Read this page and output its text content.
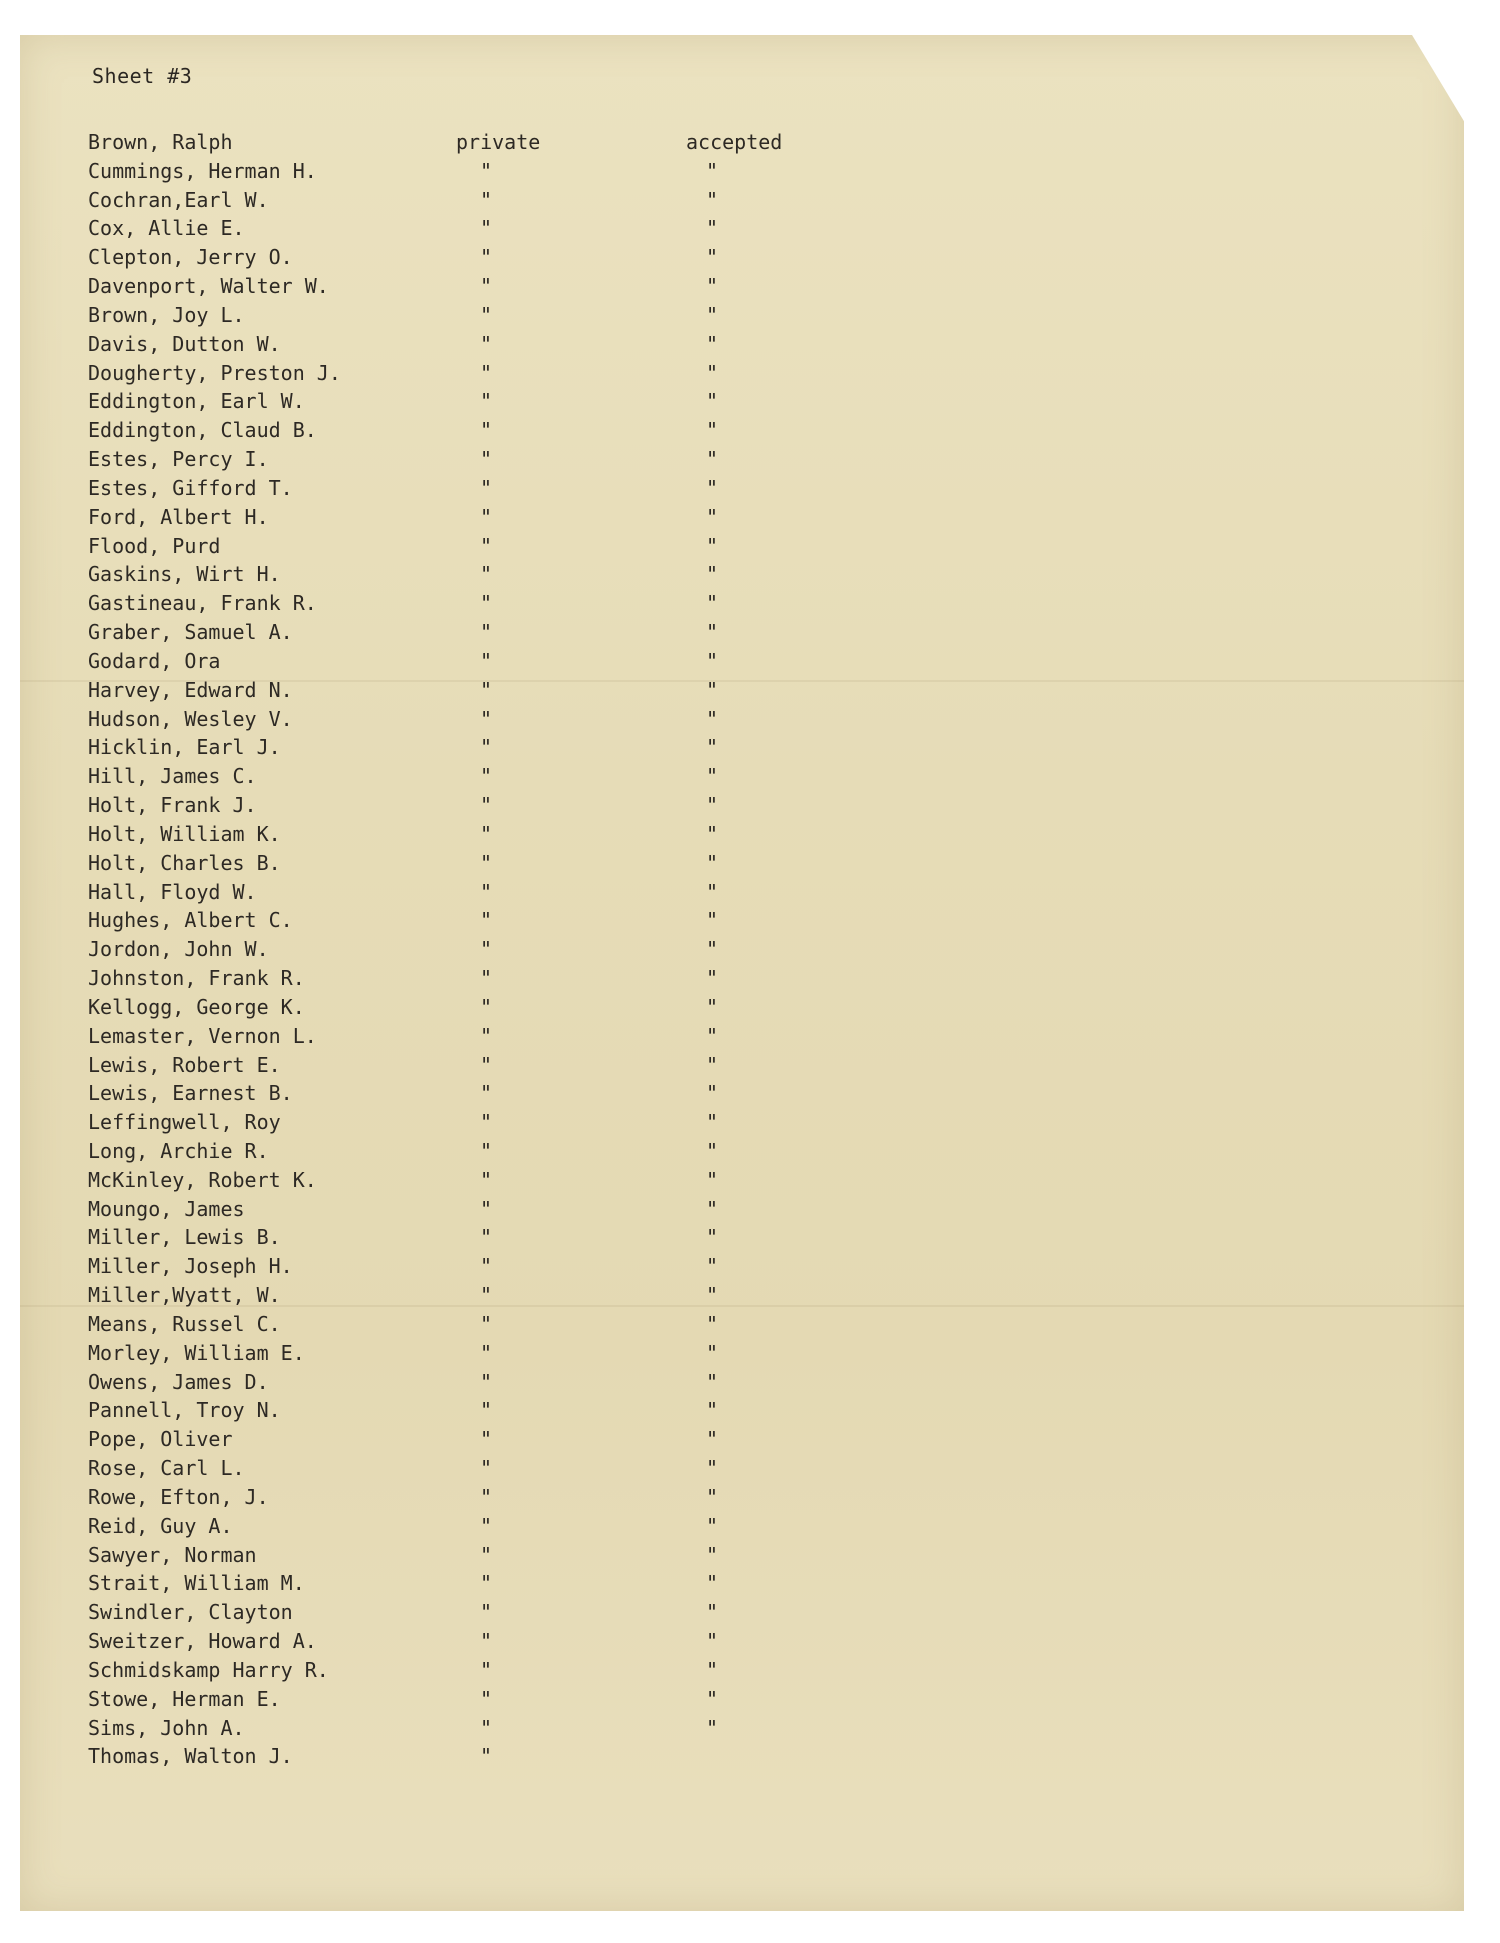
Sheet #3
Brown, Ralph	private	accepted
Cummings, Herman H.	"	"
Cochran,Earl W.	"	"
Cox, Allie E.	"	"
Clepton, Jerry O.	"	"
Davenport, Walter W.	"	"
Brown, Joy L.	"	"
Davis, Dutton W.	"	"
Dougherty, Preston J.	"	"
Eddington, Earl W.	"	"
Eddington, Claud B.	"	"
Estes, Percy I.	"	"
Estes, Gifford T.	"	"
Ford, Albert H.	"	"
Flood, Purd	"	"
Gaskins, Wirt H.	"	"
Gastineau, Frank R.	"	"
Graber, Samuel A.	"	"
Godard, Ora	"	"
Harvey, Edward N.	"	"
Hudson, Wesley V.	"	"
Hicklin, Earl J.	"	"
Hill, James C.	"	"
Holt, Frank J.	"	"
Holt, William K.	"	"
Holt, Charles B.	"	"
Hall, Floyd W.	"	"
Hughes, Albert C.	"	"
Jordon, John W.	"	"
Johnston, Frank R.	"	"
Kellogg, George K.	"	"
Lemaster, Vernon L.	"	"
Lewis, Robert E.	"	"
Lewis, Earnest B.	"	"
Leffingwell, Roy	"	"
Long, Archie R.	"	"
McKinley, Robert K.	"	"
Moungo, James	"	"
Miller, Lewis B.	"	"
Miller, Joseph H.	"	"
Miller,Wyatt, W.	"	"
Means, Russel C.	"	"
Morley, William E.	"	"
Owens, James D.	"	"
Pannell, Troy N.	"	"
Pope, Oliver	"	"
Rose, Carl L.	"	"
Rowe, Efton, J.	"	"
Reid, Guy A.	"	"
Sawyer, Norman	"	"
Strait, William M.	"	"
Swindler, Clayton	"	"
Sweitzer, Howard A.	"	"
Schmidskamp Harry R.	"	"
Stowe, Herman E.	"	"
Sims, John A.	"	"
Thomas, Walton J.	"
